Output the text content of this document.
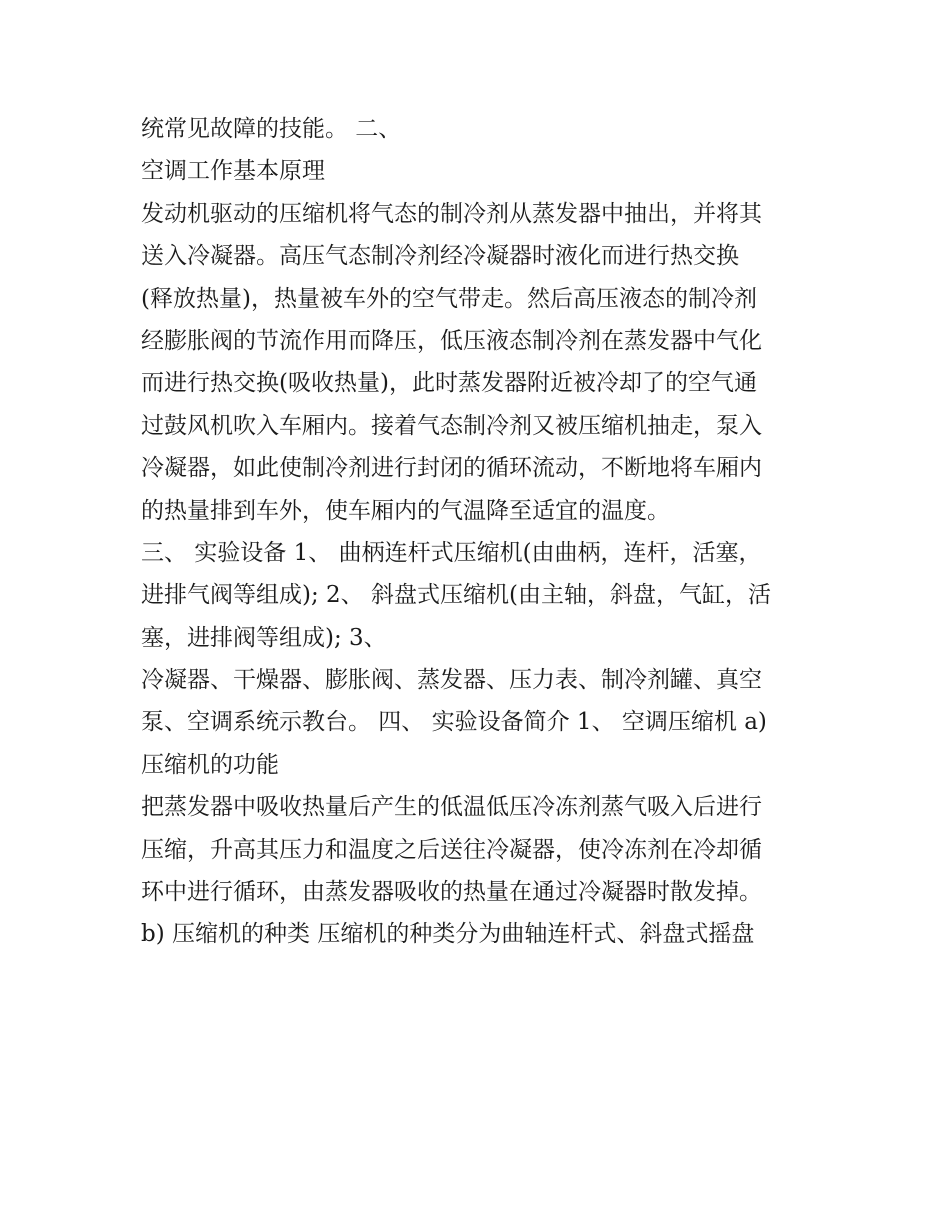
统常见故障的技能。 二、
空调工作基本原理
发动机驱动的压缩机将气态的制冷剂从蒸发器中抽出，并将其
送入冷凝器。高压气态制冷剂经冷凝器时液化而进行热交换
(释放热量)，热量被车外的空气带走。然后高压液态的制冷剂
经膨胀阀的节流作用而降压，低压液态制冷剂在蒸发器中气化
而进行热交换(吸收热量)，此时蒸发器附近被冷却了的空气通
过鼓风机吹入车厢内。接着气态制冷剂又被压缩机抽走，泵入
冷凝器，如此使制冷剂进行封闭的循环流动，不断地将车厢内
的热量排到车外，使车厢内的气温降至适宜的温度。
三、 实验设备 1、 曲柄连杆式压缩机(由曲柄，连杆，活塞，
进排气阀等组成); 2、 斜盘式压缩机(由主轴，斜盘，气缸，活
塞，进排阀等组成); 3、
冷凝器、干燥器、膨胀阀、蒸发器、压力表、制冷剂罐、真空
泵、空调系统示教台。 四、 实验设备简介 1、 空调压缩机 a)
压缩机的功能
把蒸发器中吸收热量后产生的低温低压冷冻剂蒸气吸入后进行
压缩，升高其压力和温度之后送往冷凝器，使冷冻剂在冷却循
环中进行循环，由蒸发器吸收的热量在通过冷凝器时散发掉。
b) 压缩机的种类 压缩机的种类分为曲轴连杆式、斜盘式摇盘
